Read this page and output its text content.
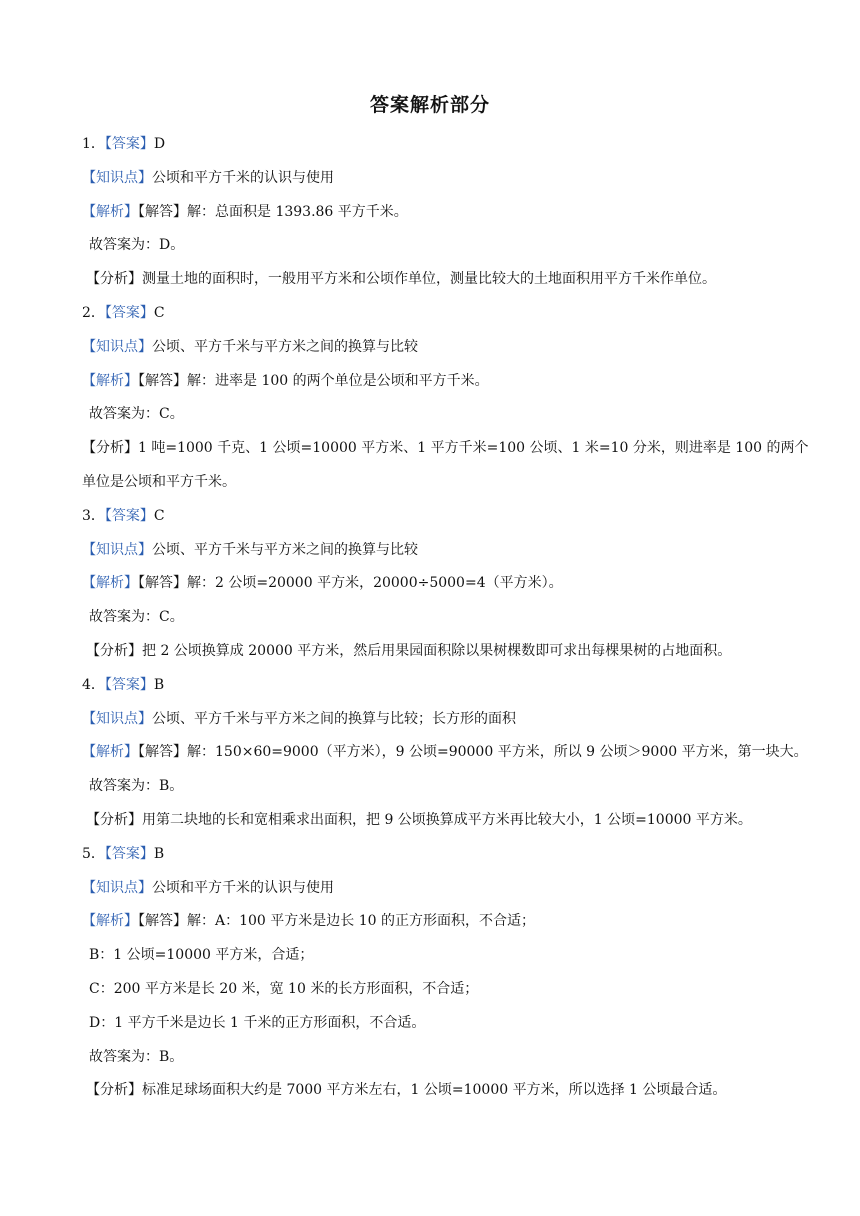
答案解析部分
1．【答案】D
【知识点】公顷和平方千米的认识与使用
【解析】【解答】解：总面积是 1393.86 平方千米。
故答案为：D。
【分析】测量土地的面积时，一般用平方米和公顷作单位，测量比较大的土地面积用平方千米作单位。
2．【答案】C
【知识点】公顷、平方千米与平方米之间的换算与比较
【解析】【解答】解：进率是 100 的两个单位是公顷和平方千米。
故答案为：C。
【分析】1 吨=1000 千克、1 公顷=10000 平方米、1 平方千米=100 公顷、1 米=10 分米，则进率是 100 的两个单位是公顷和平方千米。
3．【答案】C
【知识点】公顷、平方千米与平方米之间的换算与比较
【解析】【解答】解：2 公顷=20000 平方米，20000÷5000=4（平方米）。
故答案为：C。
【分析】把 2 公顷换算成 20000 平方米，然后用果园面积除以果树棵数即可求出每棵果树的占地面积。
4．【答案】B
【知识点】公顷、平方千米与平方米之间的换算与比较；长方形的面积
【解析】【解答】解：150×60=9000（平方米），9 公顷=90000 平方米，所以 9 公顷＞9000 平方米，第一块大。
故答案为：B。
【分析】用第二块地的长和宽相乘求出面积，把 9 公顷换算成平方米再比较大小，1 公顷=10000 平方米。
5．【答案】B
【知识点】公顷和平方千米的认识与使用
【解析】【解答】解：A：100 平方米是边长 10 的正方形面积，不合适；
B：1 公顷=10000 平方米，合适；
C：200 平方米是长 20 米，宽 10 米的长方形面积，不合适；
D：1 平方千米是边长 1 千米的正方形面积，不合适。
故答案为：B。
【分析】标准足球场面积大约是 7000 平方米左右，1 公顷=10000 平方米，所以选择 1 公顷最合适。
